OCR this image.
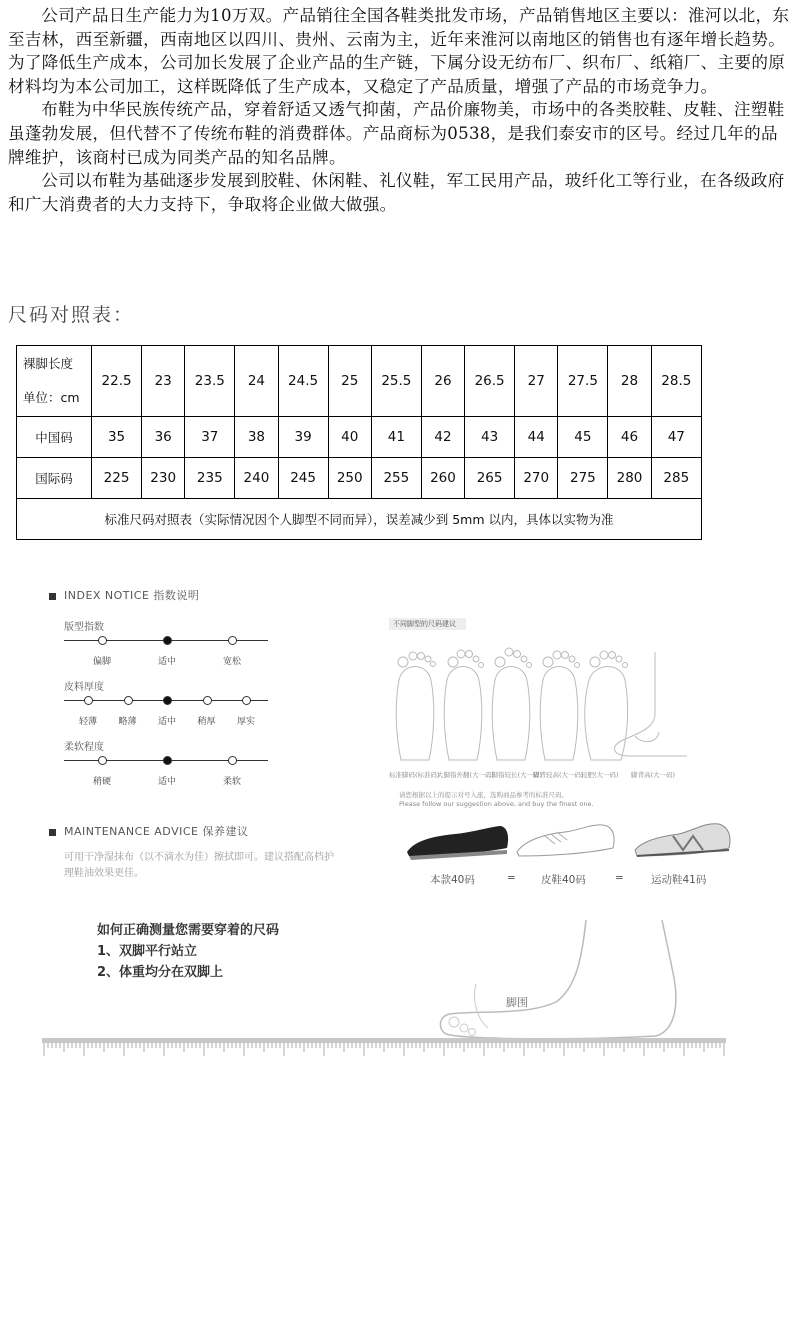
公司产品日生产能力为10万双。产品销往全国各鞋类批发市场，产品销售地区主要以：淮河以北，东至吉林，西至新疆，西南地区以四川、贵州、云南为主，近年来淮河以南地区的销售也有逐年增长趋势。为了降低生产成本，公司加长发展了企业产品的生产链，下属分设无纺布厂、织布厂、纸箱厂、主要的原材料均为本公司加工，这样既降低了生产成本，又稳定了产品质量，增强了产品的市场竞争力。

布鞋为中华民族传统产品，穿着舒适又透气抑菌，产品价廉物美，市场中的各类胶鞋、皮鞋、注塑鞋虽蓬勃发展，但代替不了传统布鞋的消费群体。产品商标为0538，是我们泰安市的区号。经过几年的品牌维护，该商村已成为同类产品的知名品牌。

公司以布鞋为基础逐步发展到胶鞋、休闲鞋、礼仪鞋，军工民用产品，玻纤化工等行业，在各级政府和广大消费者的大力支持下，争取将企业做大做强。

尺码对照表：
裸脚长度
单位：cm	22.5	23	23.5	24	24.5	25	25.5	26	26.5	27	27.5	28	28.5
中国码	35	36	37	38	39	40	41	42	43	44	45	46	47
国际码	225	230	235	240	245	250	255	260	265	270	275	280	285
标准尺码对照表（实际情况因个人脚型不同而异），误差减少到 5mm 以内，具体以实物为准													
INDEX NOTICE 指数说明
版型指数
偏脚	适中	宽松
皮料厚度
轻薄 略薄 适中 稍厚 厚实
柔软程度
稍硬	适中	柔软
不同脚型的尺码建议
标准脚码(标准码)
大脚指外翻(大一码)
二脚指较长(大一码)
脚背较高(大一码)
较肥(大一码) 脚背高(大一码)
请您根据以上的提示对号入座，选购商品参考的标准尺码。
Please follow our suggestion above, and buy the finest one.
MAINTENANCE ADVICE 保养建议
可用干净湿抹布（以不滴水为佳）擦拭即可。建议搭配高档护理鞋油效果更佳。
本款40码	= 皮鞋40码	=	运动鞋41码
如何正确测量您需要穿着的尺码
1、双脚平行站立
2、体重均分在双脚上
脚围
